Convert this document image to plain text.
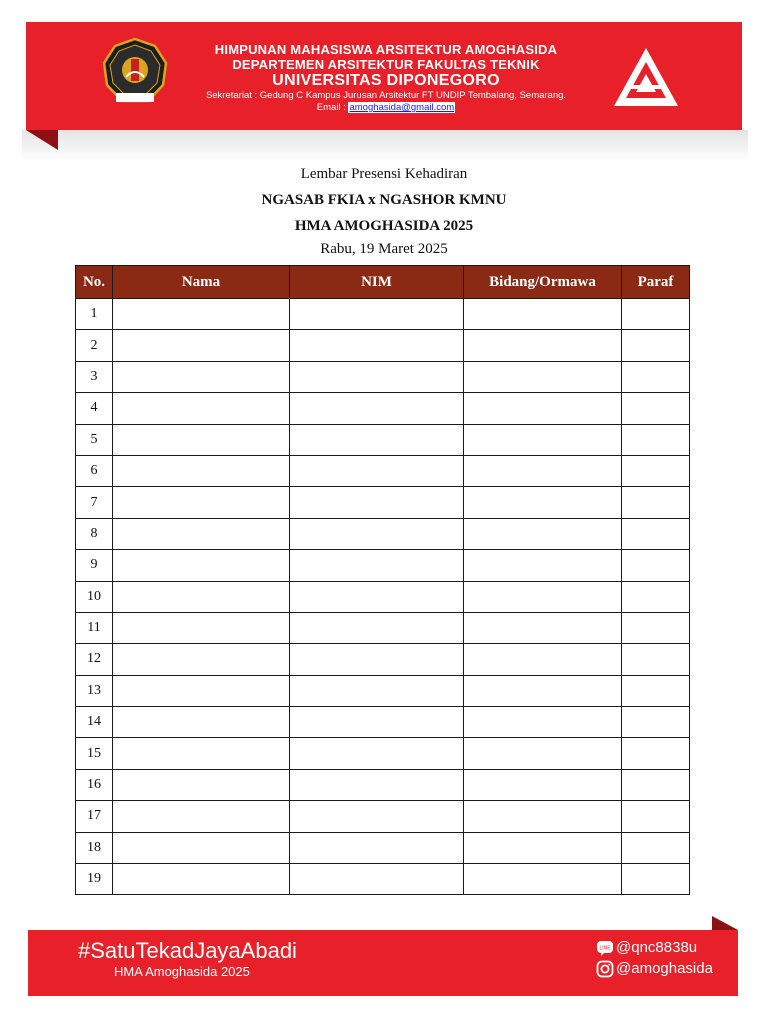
HIMPUNAN MAHASISWA ARSITEKTUR AMOGHASIDA
DEPARTEMEN ARSITEKTUR FAKULTAS TEKNIK
UNIVERSITAS DIPONEGORO
Sekretariat : Gedung C Kampus Jurusan Arsitektur FT UNDIP Tembalang, Semarang.
Email : amoghasida@gmail.com
Lembar Presensi Kehadiran
NGASAB FKIA x NGASHOR KMNU
HMA AMOGHASIDA 2025
Rabu, 19 Maret 2025
No.	Nama	NIM	Bidang/Ormawa	Paraf
1				
2				
3				
4				
5				
6				
7				
8				
9				
10				
11				
12				
13				
14				
15				
16				
17				
18				
19				
#SatuTekadJayaAbadi
HMA Amoghasida 2025
LINE @qnc8838u
@amoghasida
